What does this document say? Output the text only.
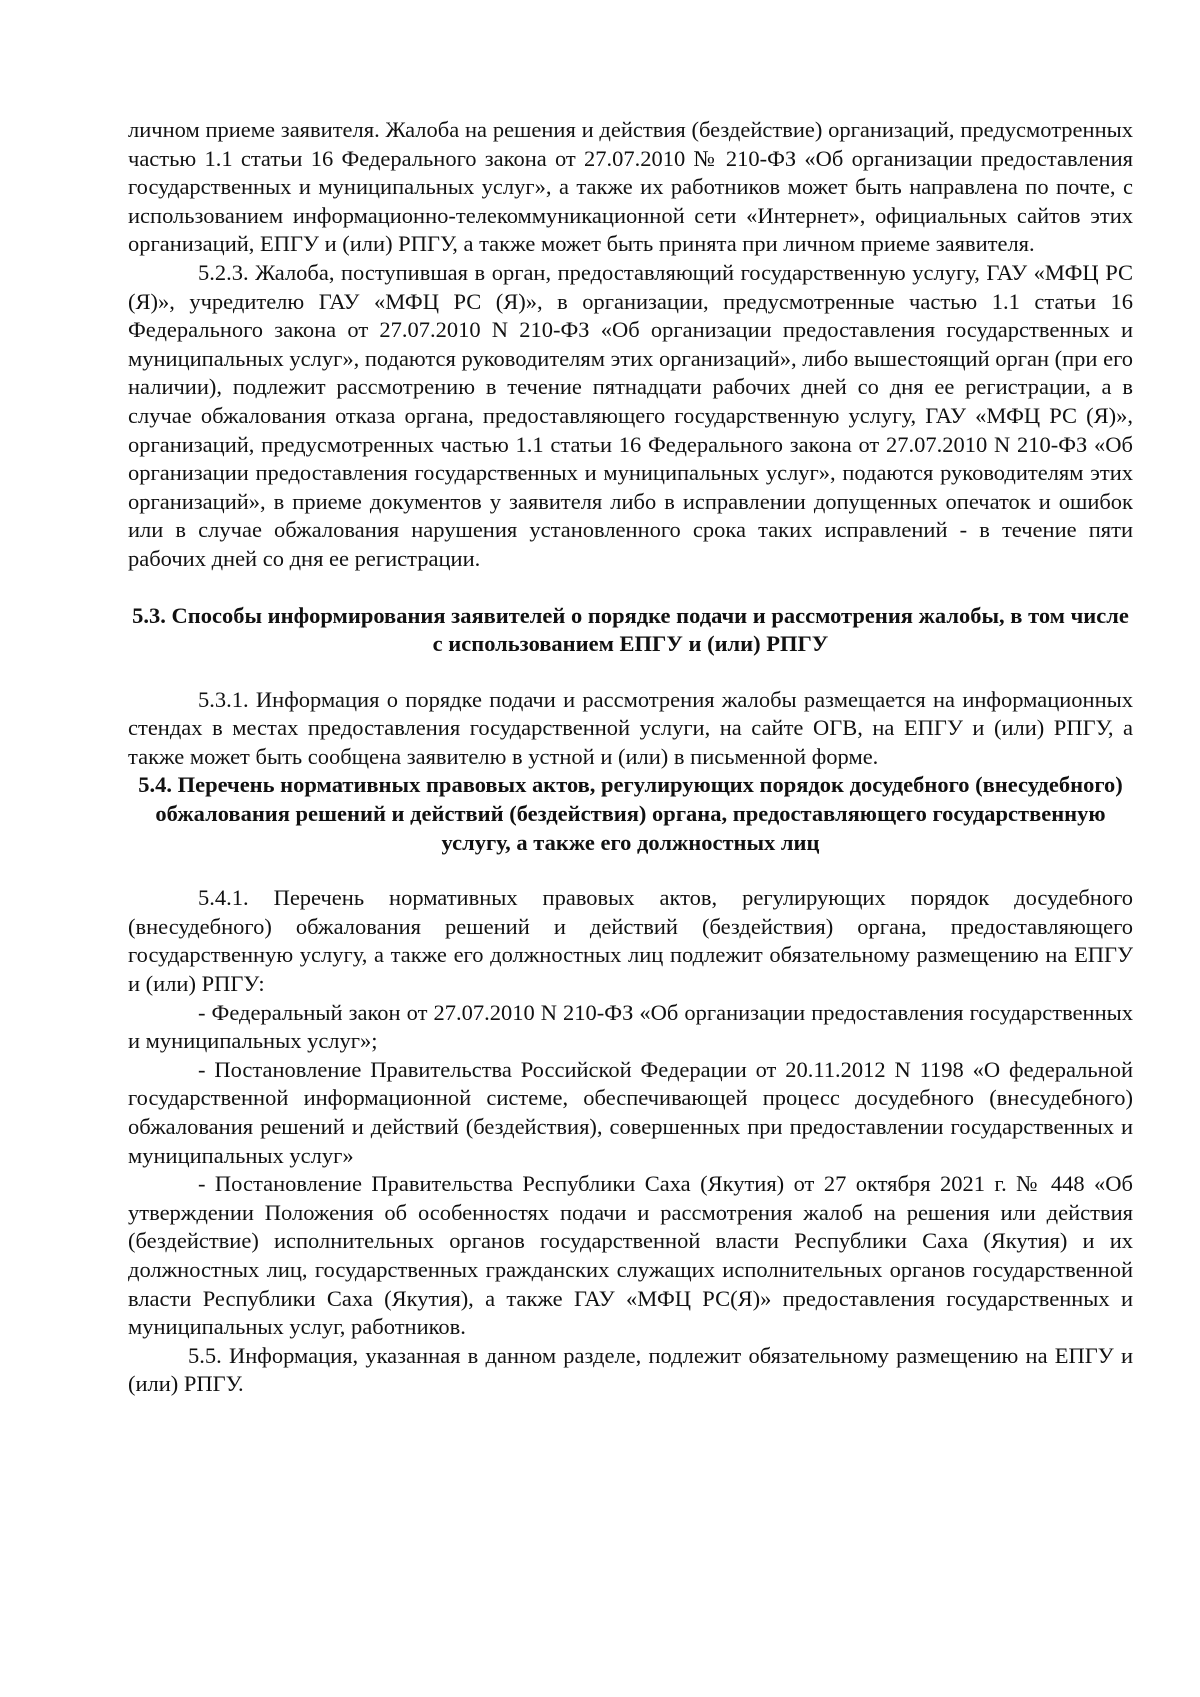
личном приеме заявителя. Жалоба на решения и действия (бездействие) организаций, предусмотренных частью 1.1 статьи 16 Федерального закона от 27.07.2010 № 210-ФЗ «Об организации предоставления государственных и муниципальных услуг», а также их работников может быть направлена по почте, с использованием информационно-телекоммуникационной сети «Интернет», официальных сайтов этих организаций, ЕПГУ и (или) РПГУ, а также может быть принята при личном приеме заявителя.

5.2.3. Жалоба, поступившая в орган, предоставляющий государственную услугу, ГАУ «МФЦ РС (Я)», учредителю ГАУ «МФЦ РС (Я)», в организации, предусмотренные частью 1.1 статьи 16 Федерального закона от 27.07.2010 N 210-ФЗ «Об организации предоставления государственных и муниципальных услуг», подаются руководителям этих организаций», либо вышестоящий орган (при его наличии), подлежит рассмотрению в течение пятнадцати рабочих дней со дня ее регистрации, а в случае обжалования отказа органа, предоставляющего государственную услугу, ГАУ «МФЦ РС (Я)», организаций, предусмотренных частью 1.1 статьи 16 Федерального закона от 27.07.2010 N 210-ФЗ «Об организации предоставления государственных и муниципальных услуг», подаются руководителям этих организаций», в приеме документов у заявителя либо в исправлении допущенных опечаток и ошибок или в случае обжалования нарушения установленного срока таких исправлений - в течение пяти рабочих дней со дня ее регистрации.

5.3. Способы информирования заявителей о порядке подачи и рассмотрения жалобы, в том числе с использованием ЕПГУ и (или) РПГУ

5.3.1. Информация о порядке подачи и рассмотрения жалобы размещается на информационных стендах в местах предоставления государственной услуги, на сайте ОГВ, на ЕПГУ и (или) РПГУ, а также может быть сообщена заявителю в устной и (или) в письменной форме.

5.4. Перечень нормативных правовых актов, регулирующих порядок досудебного (внесудебного) обжалования решений и действий (бездействия) органа, предоставляющего государственную услугу, а также его должностных лиц

5.4.1. Перечень нормативных правовых актов, регулирующих порядок досудебного (внесудебного) обжалования решений и действий (бездействия) органа, предоставляющего государственную услугу, а также его должностных лиц подлежит обязательному размещению на ЕПГУ и (или) РПГУ:

- Федеральный закон от 27.07.2010 N 210-ФЗ «Об организации предоставления государственных и муниципальных услуг»;

- Постановление Правительства Российской Федерации от 20.11.2012 N 1198 «О федеральной государственной информационной системе, обеспечивающей процесс досудебного (внесудебного) обжалования решений и действий (бездействия), совершенных при предоставлении государственных и муниципальных услуг»

- Постановление Правительства Республики Саха (Якутия) от 27 октября 2021 г. № 448 «Об утверждении Положения об особенностях подачи и рассмотрения жалоб на решения или действия (бездействие) исполнительных органов государственной власти Республики Саха (Якутия) и их должностных лиц, государственных гражданских служащих исполнительных органов государственной власти Республики Саха (Якутия), а также ГАУ «МФЦ РС(Я)» предоставления государственных и муниципальных услуг, работников.

5.5. Информация, указанная в данном разделе, подлежит обязательному размещению на ЕПГУ и (или) РПГУ.
